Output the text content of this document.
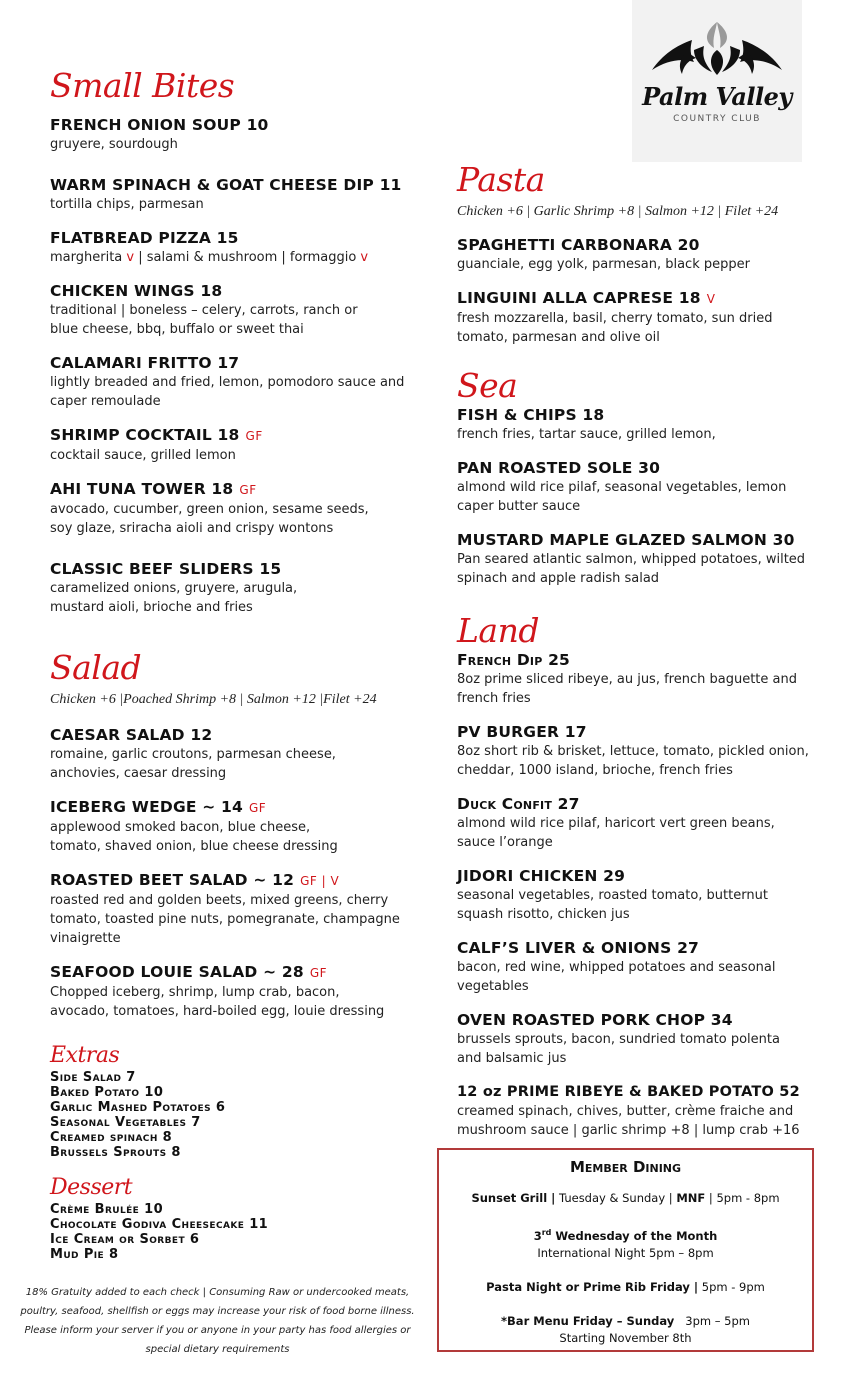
Palm Valley
COUNTRY CLUB
Small Bites
FRENCH ONION SOUP 10
gruyere, sourdough
WARM SPINACH & GOAT CHEESE DIP 11
tortilla chips, parmesan
FLATBREAD PIZZA 15
margherita v | salami & mushroom | formaggio v
CHICKEN WINGS 18
traditional | boneless – celery, carrots, ranch or blue cheese, bbq, buffalo or sweet thai
CALAMARI FRITTO 17
lightly breaded and fried, lemon, pomodoro sauce and caper remoulade
SHRIMP COCKTAIL 18 GF
cocktail sauce, grilled lemon
AHI TUNA TOWER 18 GF
avocado, cucumber, green onion, sesame seeds, soy glaze, sriracha aioli and crispy wontons
CLASSIC BEEF SLIDERS 15
caramelized onions, gruyere, arugula, mustard aioli, brioche and fries
Salad
Chicken +6 |Poached Shrimp +8 | Salmon +12 |Filet +24
CAESAR SALAD 12
romaine, garlic croutons, parmesan cheese, anchovies, caesar dressing
ICEBERG WEDGE ~ 14 GF
applewood smoked bacon, blue cheese, tomato, shaved onion, blue cheese dressing
ROASTED BEET SALAD ~ 12 GF | V
roasted red and golden beets, mixed greens, cherry tomato, toasted pine nuts, pomegranate, champagne vinaigrette
SEAFOOD LOUIE SALAD ~ 28 GF
Chopped iceberg, shrimp, lump crab, bacon, avocado, tomatoes, hard-boiled egg, louie dressing
Extras
Side Salad 7
Baked Potato 10
Garlic Mashed Potatoes 6
Seasonal Vegetables 7
Creamed spinach 8
Brussels Sprouts 8
Dessert
Crème Brulée 10
Chocolate Godiva Cheesecake 11
Ice Cream or Sorbet 6
Mud Pie 8
18% Gratuity added to each check | Consuming Raw or undercooked meats, poultry, seafood, shellfish or eggs may increase your risk of food borne illness.
Please inform your server if you or anyone in your party has food allergies or special dietary requirements
Pasta
Chicken +6 | Garlic Shrimp +8 | Salmon +12 | Filet +24
SPAGHETTI CARBONARA 20
guanciale, egg yolk, parmesan, black pepper
LINGUINI ALLA CAPRESE 18 V
fresh mozzarella, basil, cherry tomato, sun dried tomato, parmesan and olive oil
Sea
FISH & CHIPS 18
french fries, tartar sauce, grilled lemon,
PAN ROASTED SOLE 30
almond wild rice pilaf, seasonal vegetables, lemon caper butter sauce
MUSTARD MAPLE GLAZED SALMON 30
Pan seared atlantic salmon, whipped potatoes, wilted spinach and apple radish salad
Land
French Dip 25
8oz prime sliced ribeye, au jus, french baguette and french fries
PV BURGER 17
8oz short rib & brisket, lettuce, tomato, pickled onion, cheddar, 1000 island, brioche, french fries
Duck Confit 27
almond wild rice pilaf, haricort vert green beans, sauce l’orange
JIDORI CHICKEN 29
seasonal vegetables, roasted tomato, butternut squash risotto, chicken jus
CALF’S LIVER & ONIONS 27
bacon, red wine, whipped potatoes and seasonal vegetables
OVEN ROASTED PORK CHOP 34
brussels sprouts, bacon, sundried tomato polenta and balsamic jus
12 oz PRIME RIBEYE & BAKED POTATO 52
creamed spinach, chives, butter, crème fraiche and mushroom sauce | garlic shrimp +8 | lump crab +16
Member Dining
Sunset Grill | Tuesday & Sunday | MNF | 5pm - 8pm
3rd Wednesday of the Month
International Night 5pm – 8pm
Pasta Night or Prime Rib Friday | 5pm - 9pm
*Bar Menu Friday – Sunday   3pm – 5pm
Starting November 8th
